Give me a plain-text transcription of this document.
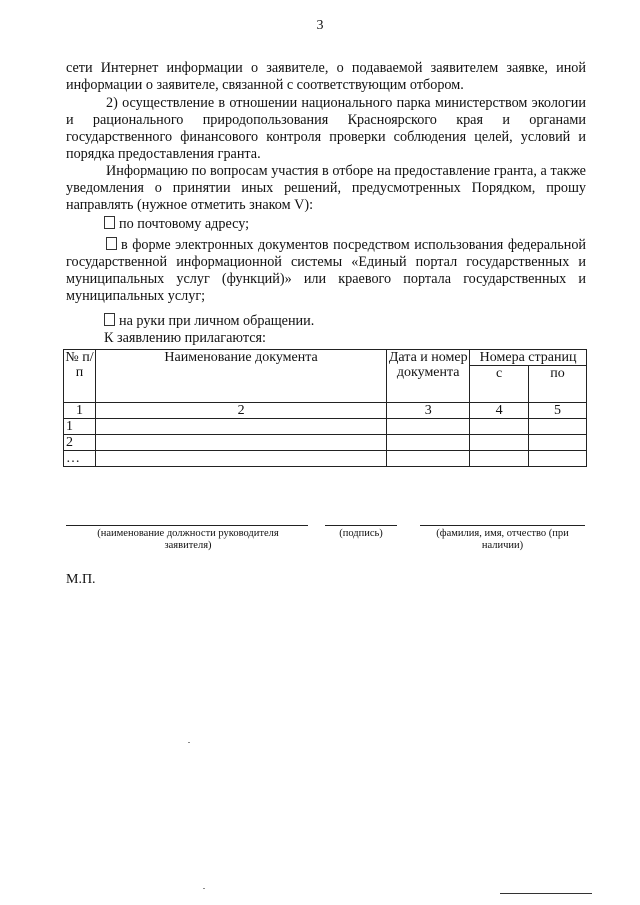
3

сети Интернет информации о заявителе, о подаваемой заявителем заявке, иной

информации о заявителе, связанной с соответствующим отбором.

2) осуществление в отношении национального парка министерством экологии и рационального природопользования Красноярского края и органами государственного финансового контроля проверки соблюдения целей, условий и порядка предоставления гранта.

Информацию по вопросам участия в отборе на предоставление гранта, а также уведомления о принятии иных решений, предусмотренных Порядком, прошу направлять (нужное отметить знаком V):

по почтовому адресу;

в форме электронных документов посредством использования федеральной государственной информационной системы «Единый портал государственных и муниципальных услуг (функций)» или краевого портала государственных и муниципальных услуг;

на руки при личном обращении.

К заявлению прилагаются:

№ п/п	Наименование документа	Дата и номер документа	Номера страниц	
			с	по
1	2	3	4	5
1				
2				
…				
(наименование должности руководителя заявителя)
(подпись)	(фамилия, имя, отчество (при наличии)
М.П.
